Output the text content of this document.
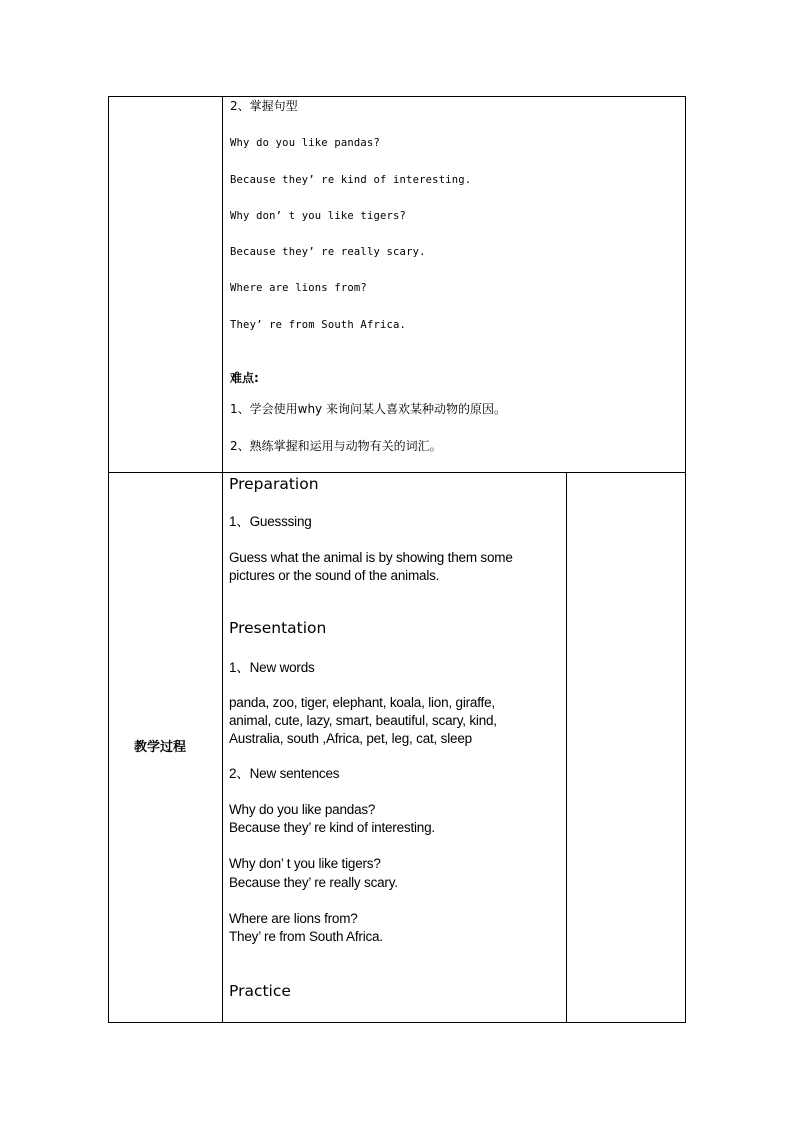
2、掌握句型
Why do you like pandas?
Because they’ re kind of interesting.
Why don’ t you like tigers?
Because they’ re really scary.
Where are lions from?
They’ re from South Africa.
难点:
1、学会使用why 来询问某人喜欢某种动物的原因。
2、熟练掌握和运用与动物有关的词汇。
教学过程
Preparation
1、Guesssing
Guess what the animal is by showing them some
pictures or the sound of the animals.
Presentation
1、New words
panda, zoo, tiger, elephant, koala, lion, giraffe,
animal, cute, lazy, smart, beautiful, scary, kind,
Australia, south ,Africa, pet, leg, cat, sleep
2、New sentences
Why do you like pandas?
Because they’ re kind of interesting.
Why don’ t you like tigers?
Because they’ re really scary.
Where are lions from?
They’ re from South Africa.
Practice
